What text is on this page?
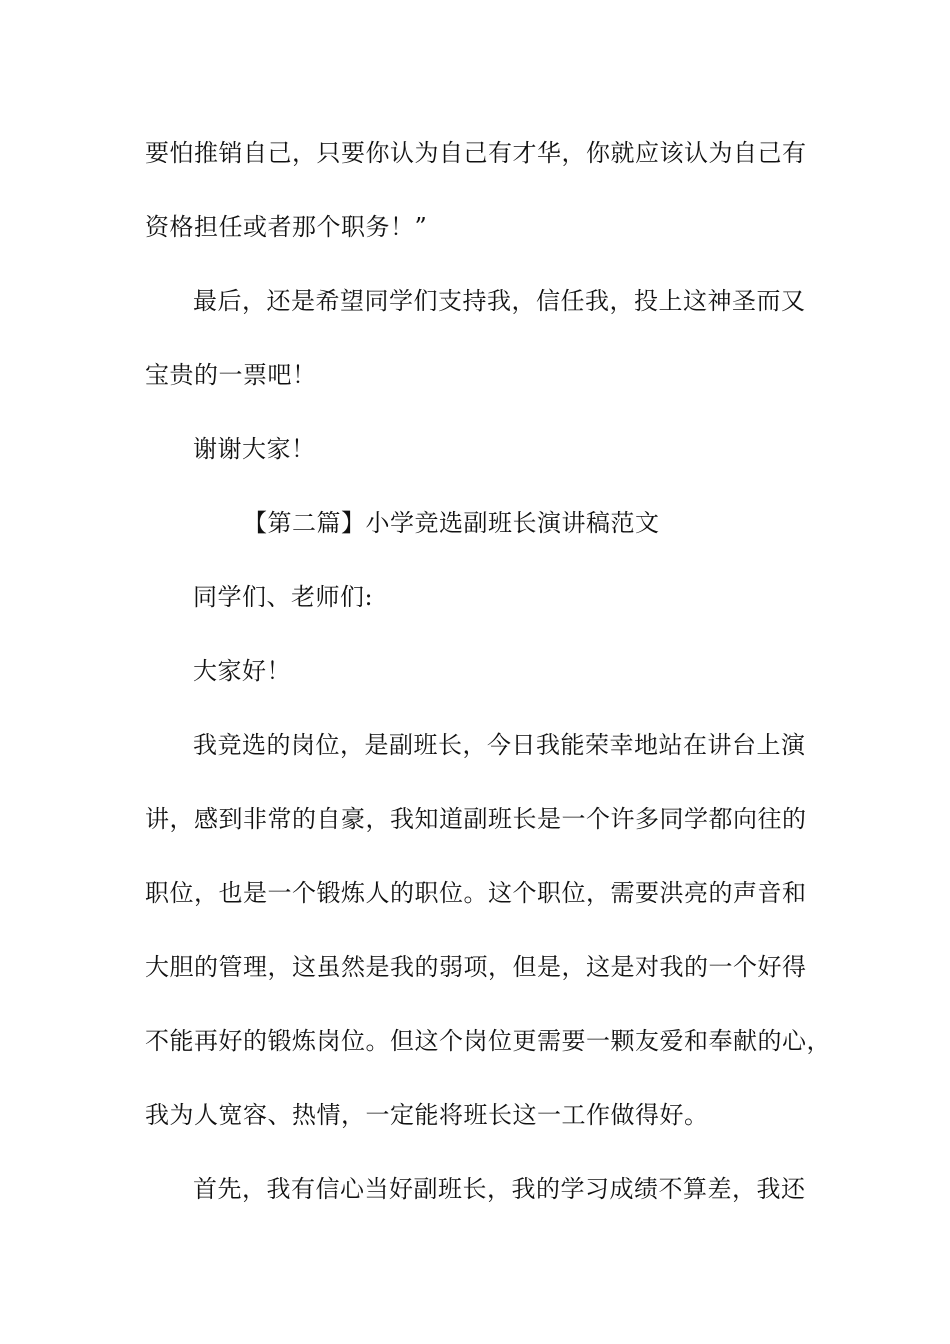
要怕推销自己，只要你认为自己有才华，你就应该认为自己有
资格担任或者那个职务！”
最后，还是希望同学们支持我，信任我，投上这神圣而又
宝贵的一票吧！
谢谢大家！
【第二篇】小学竞选副班长演讲稿范文
同学们、老师们:
大家好！
我竞选的岗位，是副班长，今日我能荣幸地站在讲台上演
讲，感到非常的自豪，我知道副班长是一个许多同学都向往的
职位，也是一个锻炼人的职位。这个职位，需要洪亮的声音和
大胆的管理，这虽然是我的弱项，但是，这是对我的一个好得
不能再好的锻炼岗位。但这个岗位更需要一颗友爱和奉献的心，
我为人宽容、热情，一定能将班长这一工作做得好。
首先，我有信心当好副班长，我的学习成绩不算差，我还
